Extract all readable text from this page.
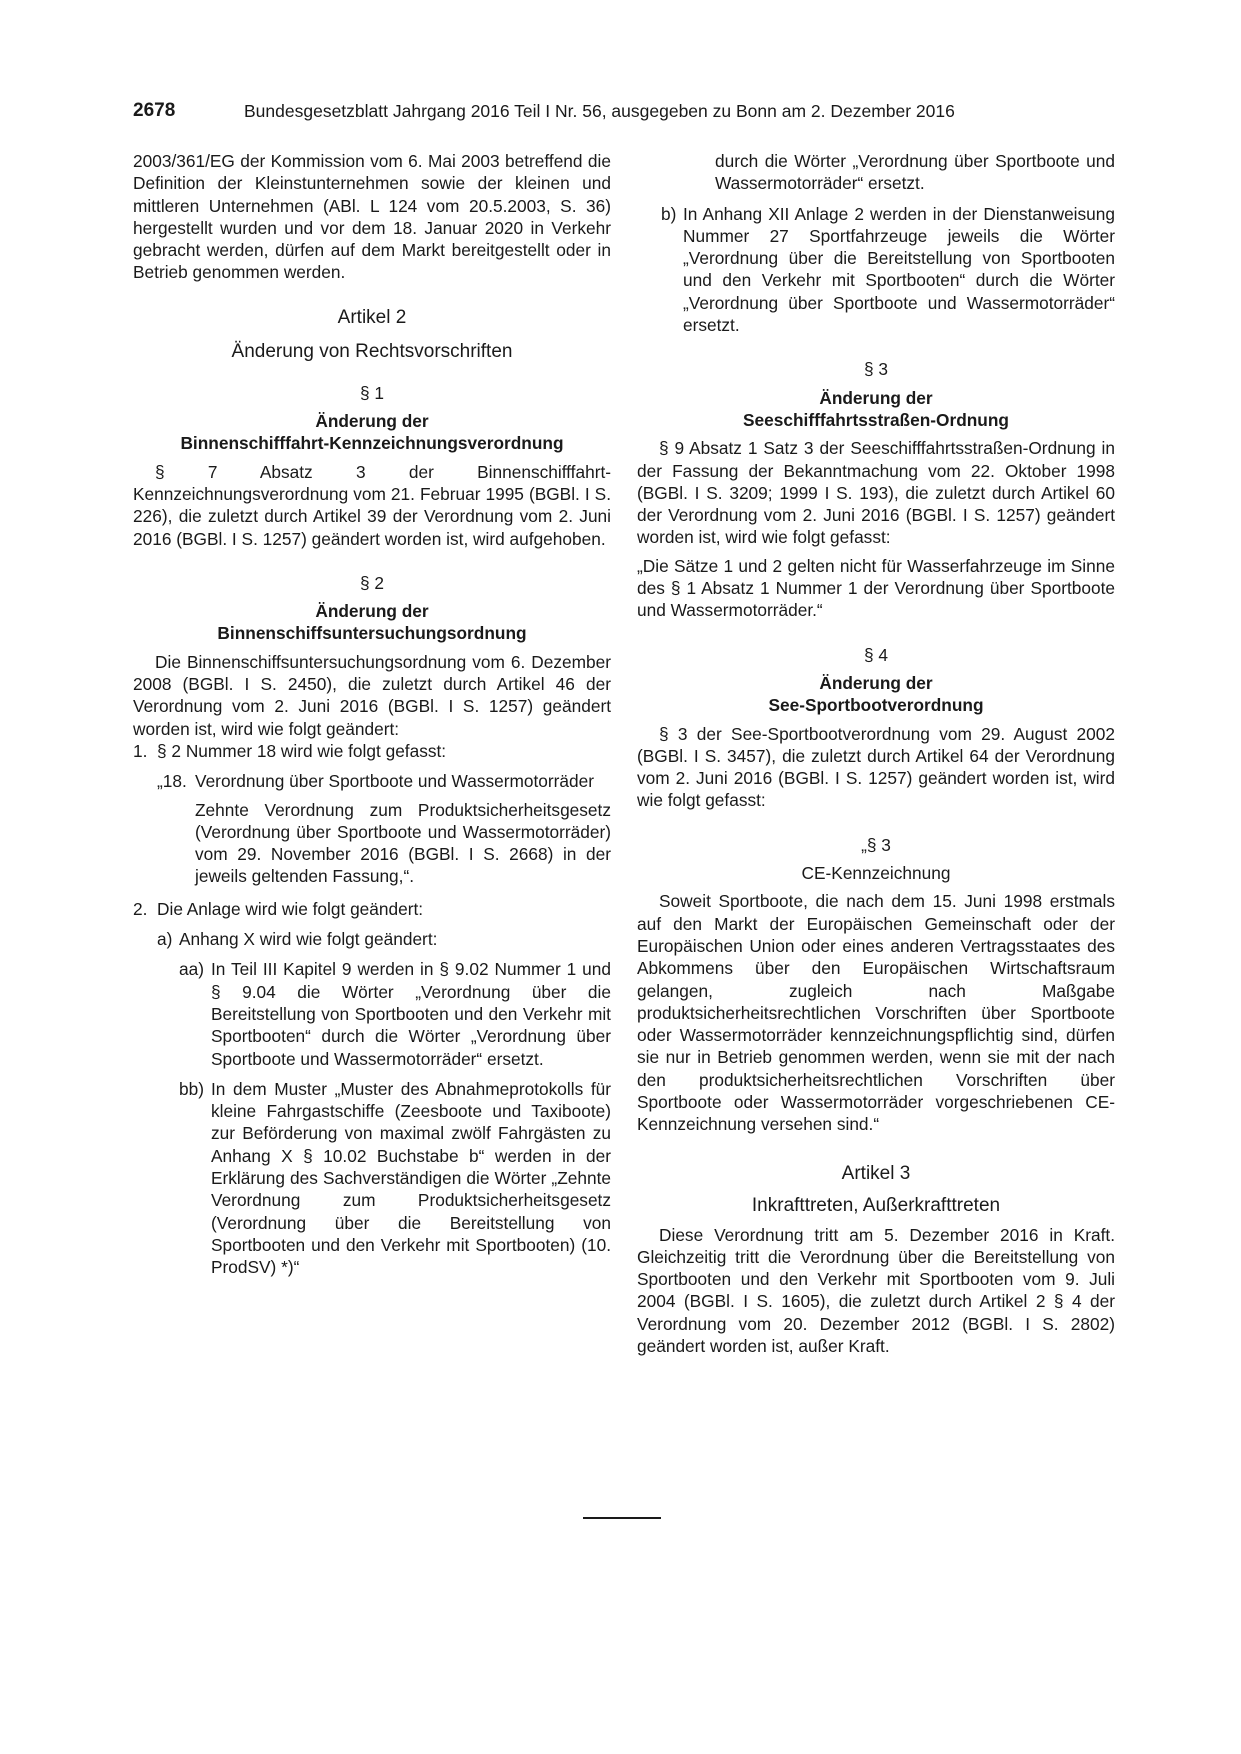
2678	Bundesgesetzblatt Jahrgang 2016 Teil I Nr. 56, ausgegeben zu Bonn am 2. Dezember 2016

2003/361/EG der Kommission vom 6. Mai 2003 betreffend die Definition der Kleinstunternehmen sowie der kleinen und mittleren Unternehmen (ABl. L 124 vom 20.5.2003, S. 36) hergestellt wurden und vor dem 18. Januar 2020 in Verkehr gebracht werden, dürfen auf dem Markt bereitgestellt oder in Betrieb genommen werden.

Artikel 2

Änderung von Rechtsvorschriften

§ 1

Änderung der

Binnenschifffahrt-Kennzeichnungsverordnung

§ 7 Absatz 3 der Binnenschifffahrt-Kennzeichnungsverordnung vom 21. Februar 1995 (BGBl. I S. 226), die zuletzt durch Artikel 39 der Verordnung vom 2. Juni 2016 (BGBl. I S. 1257) geändert worden ist, wird aufgehoben.

§ 2

Änderung der

Binnenschiffsuntersuchungsordnung

Die Binnenschiffsuntersuchungsordnung vom 6. Dezember 2008 (BGBl. I S. 2450), die zuletzt durch Artikel 46 der Verordnung vom 2. Juni 2016 (BGBl. I S. 1257) geändert worden ist, wird wie folgt geändert:

1. § 2 Nummer 18 wird wie folgt gefasst:
„18. Verordnung über Sportboote und Wassermotorräder

Zehnte Verordnung zum Produktsicherheitsgesetz (Verordnung über Sportboote und Wassermotorräder) vom 29. November 2016 (BGBl. I S. 2668) in der jeweils geltenden Fassung,“.

2. Die Anlage wird wie folgt geändert:
a) Anhang X wird wie folgt geändert:
aa) In Teil III Kapitel 9 werden in § 9.02 Nummer 1 und § 9.04 die Wörter „Verordnung über die Bereitstellung von Sportbooten und den Verkehr mit Sportbooten“ durch die Wörter „Verordnung über Sportboote und Wassermotorräder“ ersetzt.
bb) In dem Muster „Muster des Abnahmeprotokolls für kleine Fahrgastschiffe (Zeesboote und Taxiboote) zur Beförderung von maximal zwölf Fahrgästen zu Anhang X § 10.02 Buchstabe b“ werden in der Erklärung des Sachverständigen die Wörter „Zehnte Verordnung zum Produktsicherheitsgesetz (Verordnung über die Bereitstellung von Sportbooten und den Verkehr mit Sportbooten) (10. ProdSV) *)“

durch die Wörter „Verordnung über Sportboote und Wassermotorräder“ ersetzt.

b) In Anhang XII Anlage 2 werden in der Dienstanweisung Nummer 27 Sportfahrzeuge jeweils die Wörter „Verordnung über die Bereitstellung von Sportbooten und den Verkehr mit Sportbooten“ durch die Wörter „Verordnung über Sportboote und Wassermotorräder“ ersetzt.

§ 3

Änderung der

Seeschifffahrtsstraßen-Ordnung

§ 9 Absatz 1 Satz 3 der Seeschifffahrtsstraßen-Ordnung in der Fassung der Bekanntmachung vom 22. Oktober 1998 (BGBl. I S. 3209; 1999 I S. 193), die zuletzt durch Artikel 60 der Verordnung vom 2. Juni 2016 (BGBl. I S. 1257) geändert worden ist, wird wie folgt gefasst:

„Die Sätze 1 und 2 gelten nicht für Wasserfahrzeuge im Sinne des § 1 Absatz 1 Nummer 1 der Verordnung über Sportboote und Wassermotorräder.“

§ 4

Änderung der

See-Sportbootverordnung

§ 3 der See-Sportbootverordnung vom 29. August 2002 (BGBl. I S. 3457), die zuletzt durch Artikel 64 der Verordnung vom 2. Juni 2016 (BGBl. I S. 1257) geändert worden ist, wird wie folgt gefasst:

„§ 3

CE-Kennzeichnung

Soweit Sportboote, die nach dem 15. Juni 1998 erstmals auf den Markt der Europäischen Gemeinschaft oder der Europäischen Union oder eines anderen Vertragsstaates des Abkommens über den Europäischen Wirtschaftsraum gelangen, zugleich nach Maßgabe produktsicherheitsrechtlichen Vorschriften über Sportboote oder Wassermotorräder kennzeichnungspflichtig sind, dürfen sie nur in Betrieb genommen werden, wenn sie mit der nach den produktsicherheitsrechtlichen Vorschriften über Sportboote oder Wassermotorräder vorgeschriebenen CE-Kennzeichnung versehen sind.“

Artikel 3

Inkrafttreten, Außerkrafttreten

Diese Verordnung tritt am 5. Dezember 2016 in Kraft. Gleichzeitig tritt die Verordnung über die Bereitstellung von Sportbooten und den Verkehr mit Sportbooten vom 9. Juli 2004 (BGBl. I S. 1605), die zuletzt durch Artikel 2 § 4 der Verordnung vom 20. Dezember 2012 (BGBl. I S. 2802) geändert worden ist, außer Kraft.
